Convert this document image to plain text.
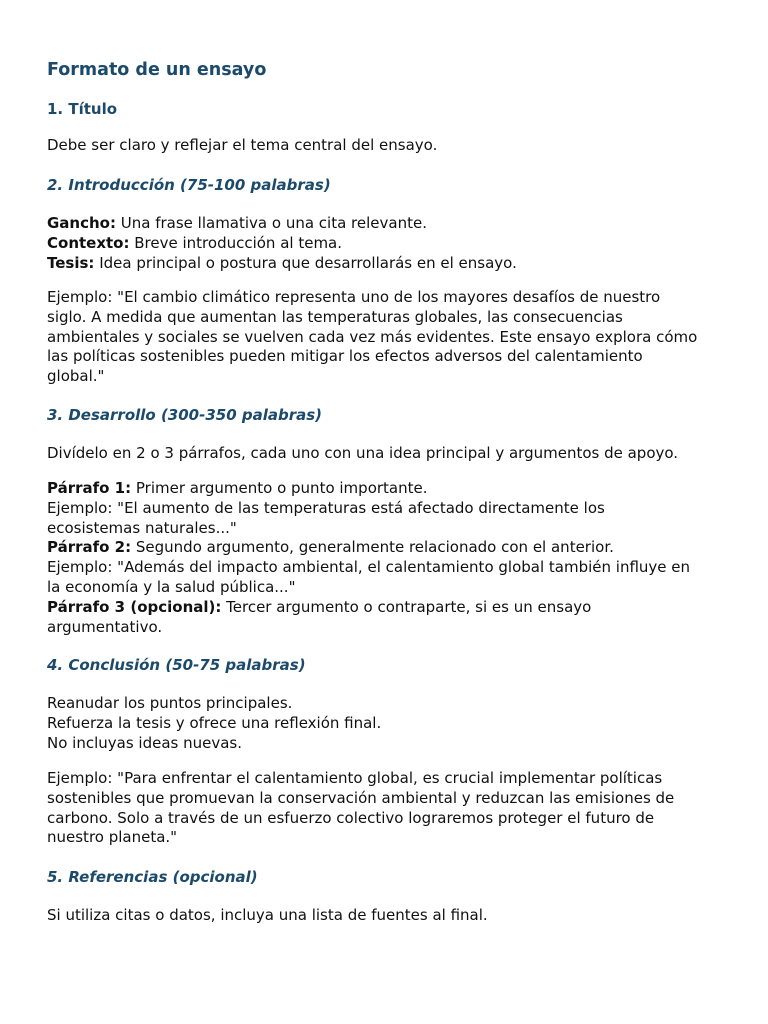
Formato de un ensayo
1. Título

Debe ser claro y reflejar el tema central del ensayo.

2. Introducción (75-100 palabras)

Gancho: Una frase llamativa o una cita relevante.
Contexto: Breve introducción al tema.
Tesis: Idea principal o postura que desarrollarás en el ensayo.

Ejemplo: "El cambio climático representa uno de los mayores desafíos de nuestro
siglo. A medida que aumentan las temperaturas globales, las consecuencias
ambientales y sociales se vuelven cada vez más evidentes. Este ensayo explora cómo
las políticas sostenibles pueden mitigar los efectos adversos del calentamiento
global."

3. Desarrollo (300-350 palabras)

Divídelo en 2 o 3 párrafos, cada uno con una idea principal y argumentos de apoyo.

Párrafo 1: Primer argumento o punto importante.
Ejemplo: "El aumento de las temperaturas está afectado directamente los
ecosistemas naturales..."
Párrafo 2: Segundo argumento, generalmente relacionado con el anterior.
Ejemplo: "Además del impacto ambiental, el calentamiento global también influye en
la economía y la salud pública..."
Párrafo 3 (opcional): Tercer argumento o contraparte, si es un ensayo
argumentativo.

4. Conclusión (50-75 palabras)

Reanudar los puntos principales.
Refuerza la tesis y ofrece una reflexión final.
No incluyas ideas nuevas.

Ejemplo: "Para enfrentar el calentamiento global, es crucial implementar políticas
sostenibles que promuevan la conservación ambiental y reduzcan las emisiones de
carbono. Solo a través de un esfuerzo colectivo lograremos proteger el futuro de
nuestro planeta."

5. Referencias (opcional)

Si utiliza citas o datos, incluya una lista de fuentes al final.
